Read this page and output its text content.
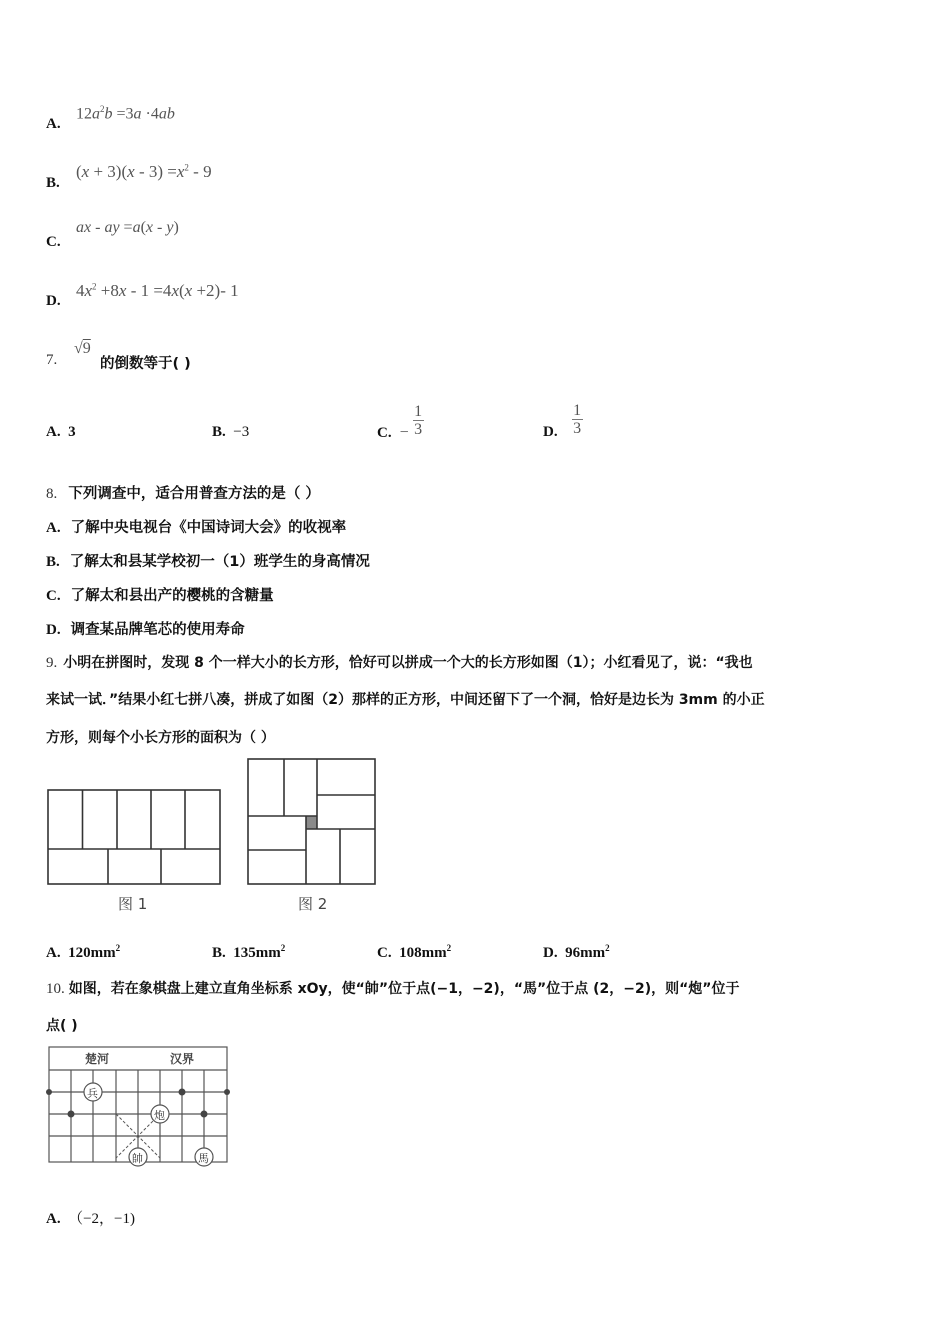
A.
$12a^2b =3a \cdot 4ab$
B.
$(x + 3)(x - 3) =x^2 - 9$
C.
ax - ay =a(x - y)
D.
$4x^2 +8x - 1 =4x(x +2)-$ 1
7.
√9
的倒数等于( )
A. 3	B. −3	C. − $\frac{1}{3}$	D. $\frac{1}{3}$
8. 下列调查中，适合用普查方法的是（ ）
A. 了解中央电视台《中国诗词大会》的收视率
B. 了解太和县某学校初一（1）班学生的身高情况
C. 了解太和县出产的樱桃的含糖量
D. 调查某品牌笔芯的使用寿命
9. 小明在拼图时，发现 8 个一样大小的长方形，恰好可以拼成一个大的长方形如图（1）；小红看见了，说：“我也
来试一试．”结果小红七拼八凑，拼成了如图（2）那样的正方形，中间还留下了一个洞，恰好是边长为 3mm 的小正
方形，则每个小长方形的面积为（ ）
图 1	图 2
A. $120mm^2$	B. $135mm^2$	C. $108mm^2$	D. $96mm^2$
10. 如图，若在象棋盘上建立直角坐标系 xOy，使“帥”位于点(−1，−2)，“馬”位于点 (2，−2)，则“炮”位于
点( )
楚河	汉界
兵
炮
帥	馬
A. （−2，−1)
